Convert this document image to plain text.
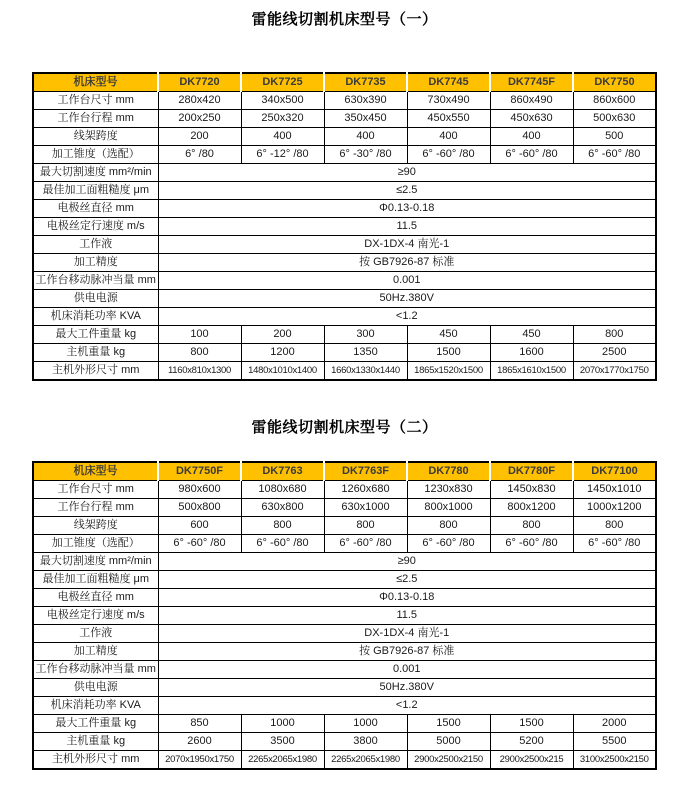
雷能线切割机床型号（一）
机床型号	DK7720	DK7725	DK7735	DK7745	DK7745F	DK7750
工作台尺寸 mm	280x420	340x500	630x390	730x490	860x490	860x600
工作台行程 mm	200x250	250x320	350x450	450x550	450x630	500x630
线架跨度	200	400	400	400	400	500
加工锥度（选配）	6° /80	6° -12° /80	6° -30° /80	6° -60° /80	6° -60° /80	6° -60° /80
最大切割速度 mm²/min	≥90					
最佳加工面粗糙度 μm	≤2.5					
电极丝直径 mm	Φ0.13-0.18					
电极丝定行速度 m/s	11.5					
工作液	DX-1DX-4 南光-1					
加工精度	按 GB7926-87 标准					
工作台移动脉冲当量 mm	0.001					
供电电源	50Hz.380V					
机床消耗功率 KVA	<1.2					
最大工件重量 kg	100	200	300	450	450	800
主机重量 kg	800	1200	1350	1500	1600	2500
主机外形尺寸 mm	1160x810x1300	1480x1010x1400	1660x1330x1440	1865x1520x1500	1865x1610x1500	2070x1770x1750
雷能线切割机床型号（二）
机床型号	DK7750F	DK7763	DK7763F	DK7780	DK7780F	DK77100
工作台尺寸 mm	980x600	1080x680	1260x680	1230x830	1450x830	1450x1010
工作台行程 mm	500x800	630x800	630x1000	800x1000	800x1200	1000x1200
线架跨度	600	800	800	800	800	800
加工锥度（选配）	6° -60° /80	6° -60° /80	6° -60° /80	6° -60° /80	6° -60° /80	6° -60° /80
最大切割速度 mm²/min	≥90					
最佳加工面粗糙度 μm	≤2.5					
电极丝直径 mm	Φ0.13-0.18					
电极丝定行速度 m/s	11.5					
工作液	DX-1DX-4 南光-1					
加工精度	按 GB7926-87 标准					
工作台移动脉冲当量 mm	0.001					
供电电源	50Hz.380V					
机床消耗功率 KVA	<1.2					
最大工件重量 kg	850	1000	1000	1500	1500	2000
主机重量 kg	2600	3500	3800	5000	5200	5500
主机外形尺寸 mm	2070x1950x1750	2265x2065x1980	2265x2065x1980	2900x2500x2150	2900x2500x215	3100x2500x2150
